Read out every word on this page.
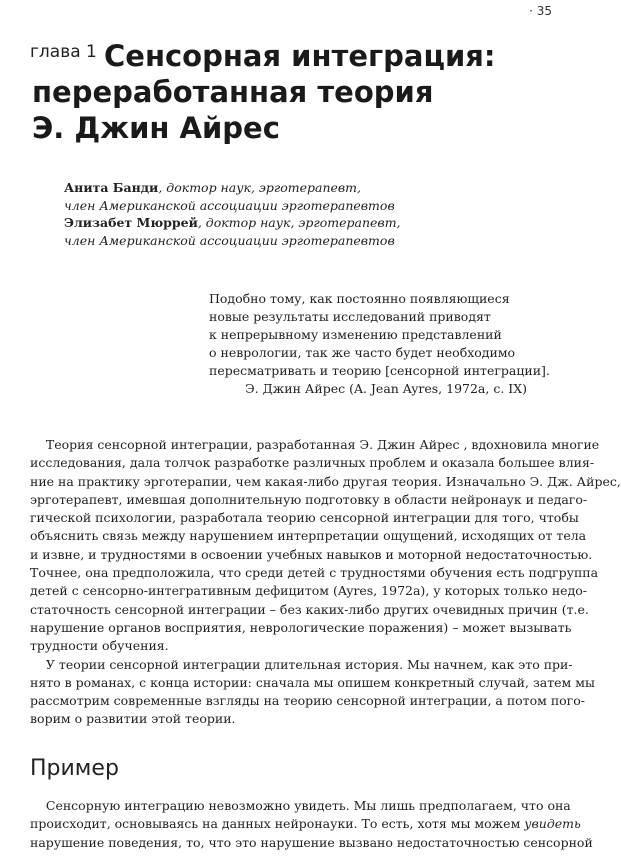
· 35
глава 1 Сенсорная интеграция:
переработанная теория
Э. Джин Айрес
Анита Банди, доктор наук, эрготерапевт,
член Американской ассоциации эрготерапевтов
Элизабет Мюррей, доктор наук, эрготерапевт,
член Американской ассоциации эрготерапевтов
Подобно тому, как постоянно появляющиеся
новые результаты исследований приводят
к непрерывному изменению представлений
о неврологии, так же часто будет необходимо
пересматривать и теорию [сенсорной интеграции].
Э. Джин Айрес (A. Jean Ayres, 1972a, c. IX)
Теория сенсорной интеграции, разработанная Э. Джин Айрес , вдохновила многие
исследования, дала толчок разработке различных проблем и оказала большее влия-
ние на практику эрготерапии, чем какая-либо другая теория. Изначально Э. Дж. Айрес,
эрготерапевт, имевшая дополнительную подготовку в области нейронаук и педаго-
гической психологии, разработала теорию сенсорной интеграции для того, чтобы
объяснить связь между нарушением интерпретации ощущений, исходящих от тела
и извне, и трудностями в освоении учебных навыков и моторной недостаточностью.
Точнее, она предположила, что среди детей с трудностями обучения есть подгруппа
детей с сенсорно-интегративным дефицитом (Ayres, 1972a), у которых только недо-
статочность сенсорной интеграции – без каких-либо других очевидных причин (т.е.
нарушение органов восприятия, неврологические поражения) – может вызывать
трудности обучения.
У теории сенсорной интеграции длительная история. Мы начнем, как это при-
нято в романах, с конца истории: сначала мы опишем конкретный случай, затем мы
рассмотрим современные взгляды на теорию сенсорной интеграции, а потом пого-
ворим о развитии этой теории.
Пример
Сенсорную интеграцию невозможно увидеть. Мы лишь предполагаем, что она
происходит, основываясь на данных нейронауки. То есть, хотя мы можем увидеть
нарушение поведения, то, что это нарушение вызвано недостаточностью сенсорной
